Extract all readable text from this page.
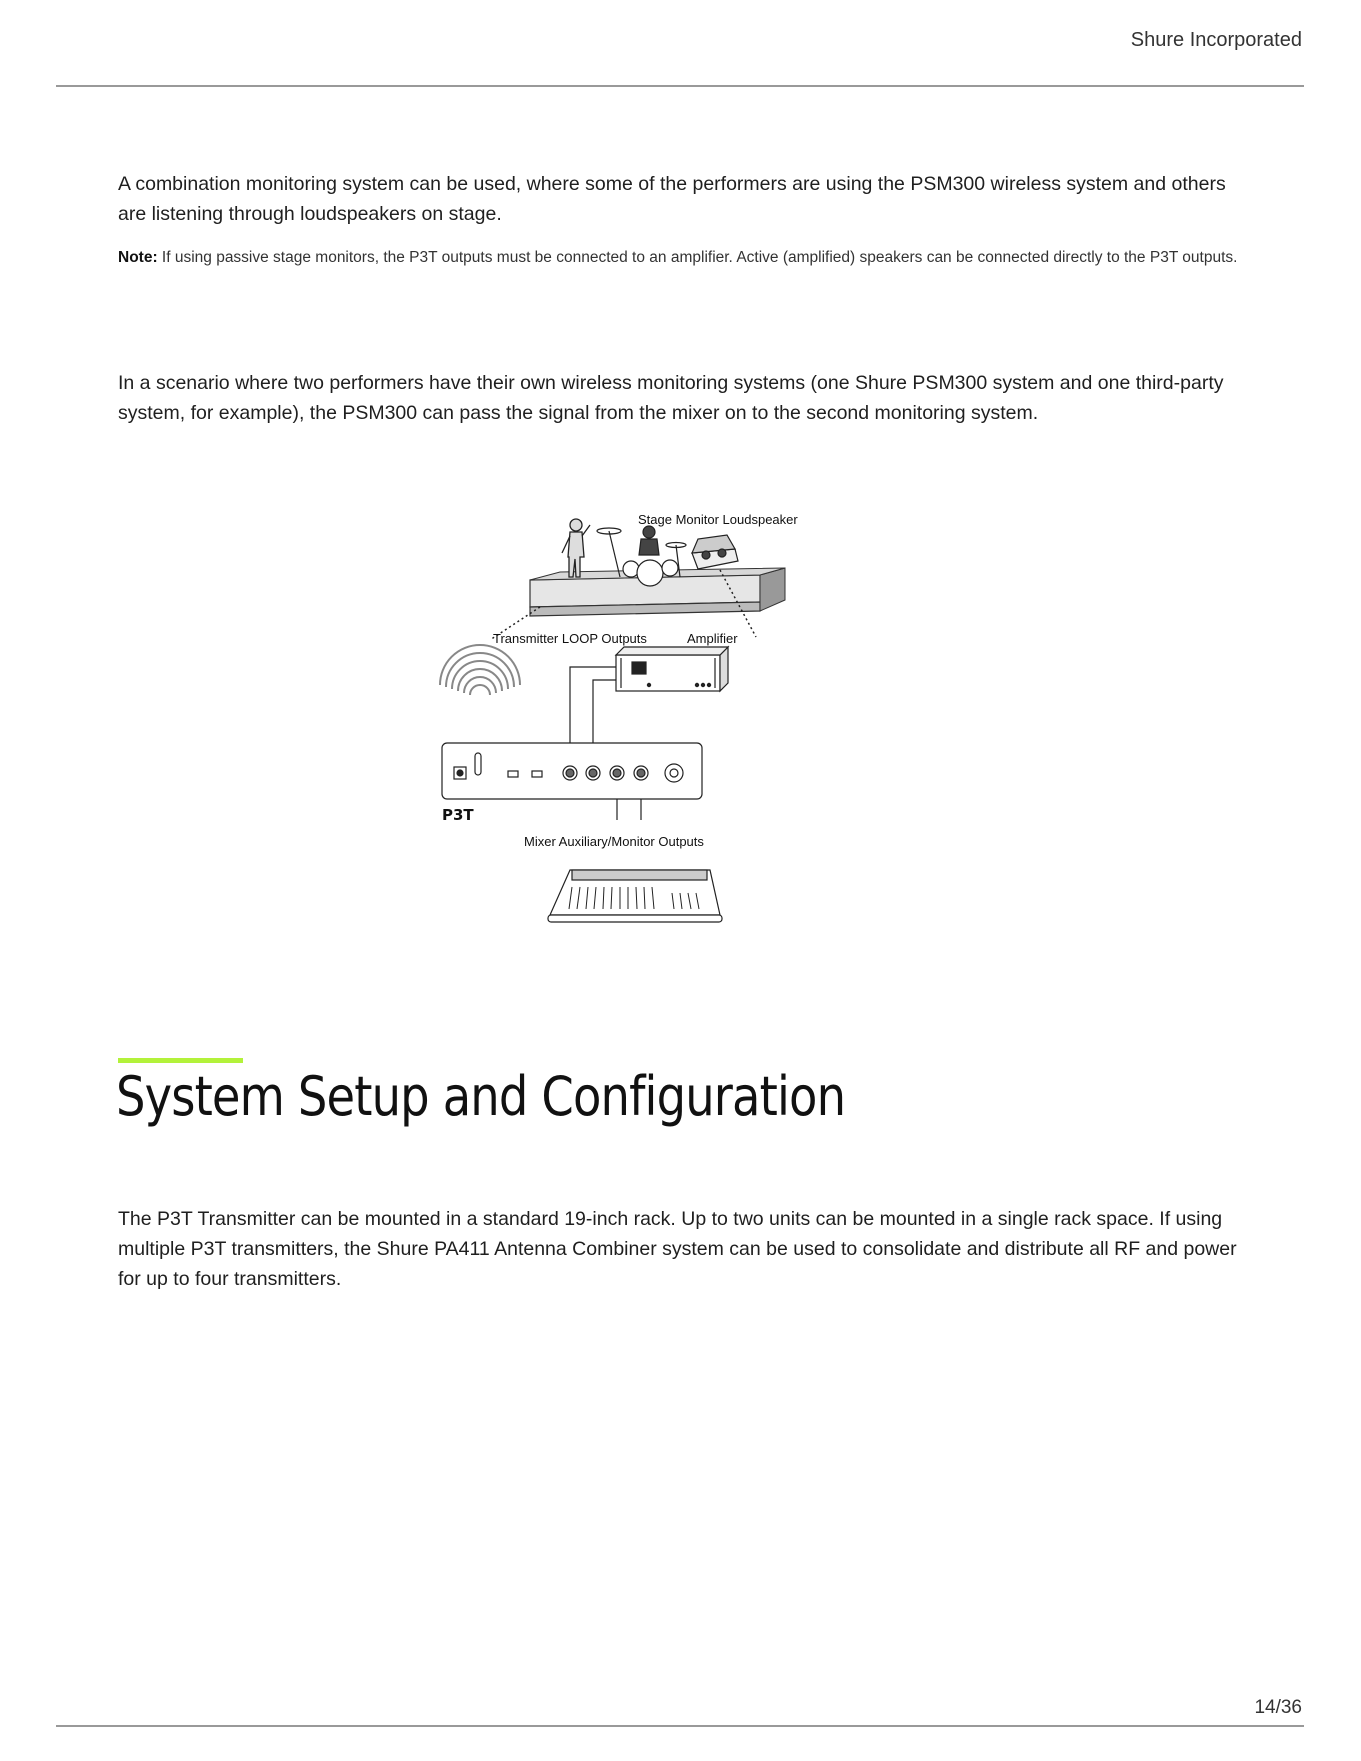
Shure Incorporated

A combination monitoring system can be used, where some of the performers are using the PSM300 wireless system and others are listening through loudspeakers on stage.

Note: If using passive stage monitors, the P3T outputs must be connected to an amplifier. Active (amplified) speakers can be connected directly to the P3T outputs.

In a scenario where two performers have their own wireless monitoring systems (one Shure PSM300 system and one third-party system, for example), the PSM300 can pass the signal from the mixer on to the second monitoring system.

Stage Monitor Loudspeaker
Transmitter LOOP Outputs	Amplifier
P3T
Mixer Auxiliary/Monitor Outputs
System Setup and Configuration

The P3T Transmitter can be mounted in a standard 19-inch rack. Up to two units can be mounted in a single rack space. If using multiple P3T transmitters, the Shure PA411 Antenna Combiner system can be used to consolidate and distribute all RF and power for up to four transmitters.

14/36
